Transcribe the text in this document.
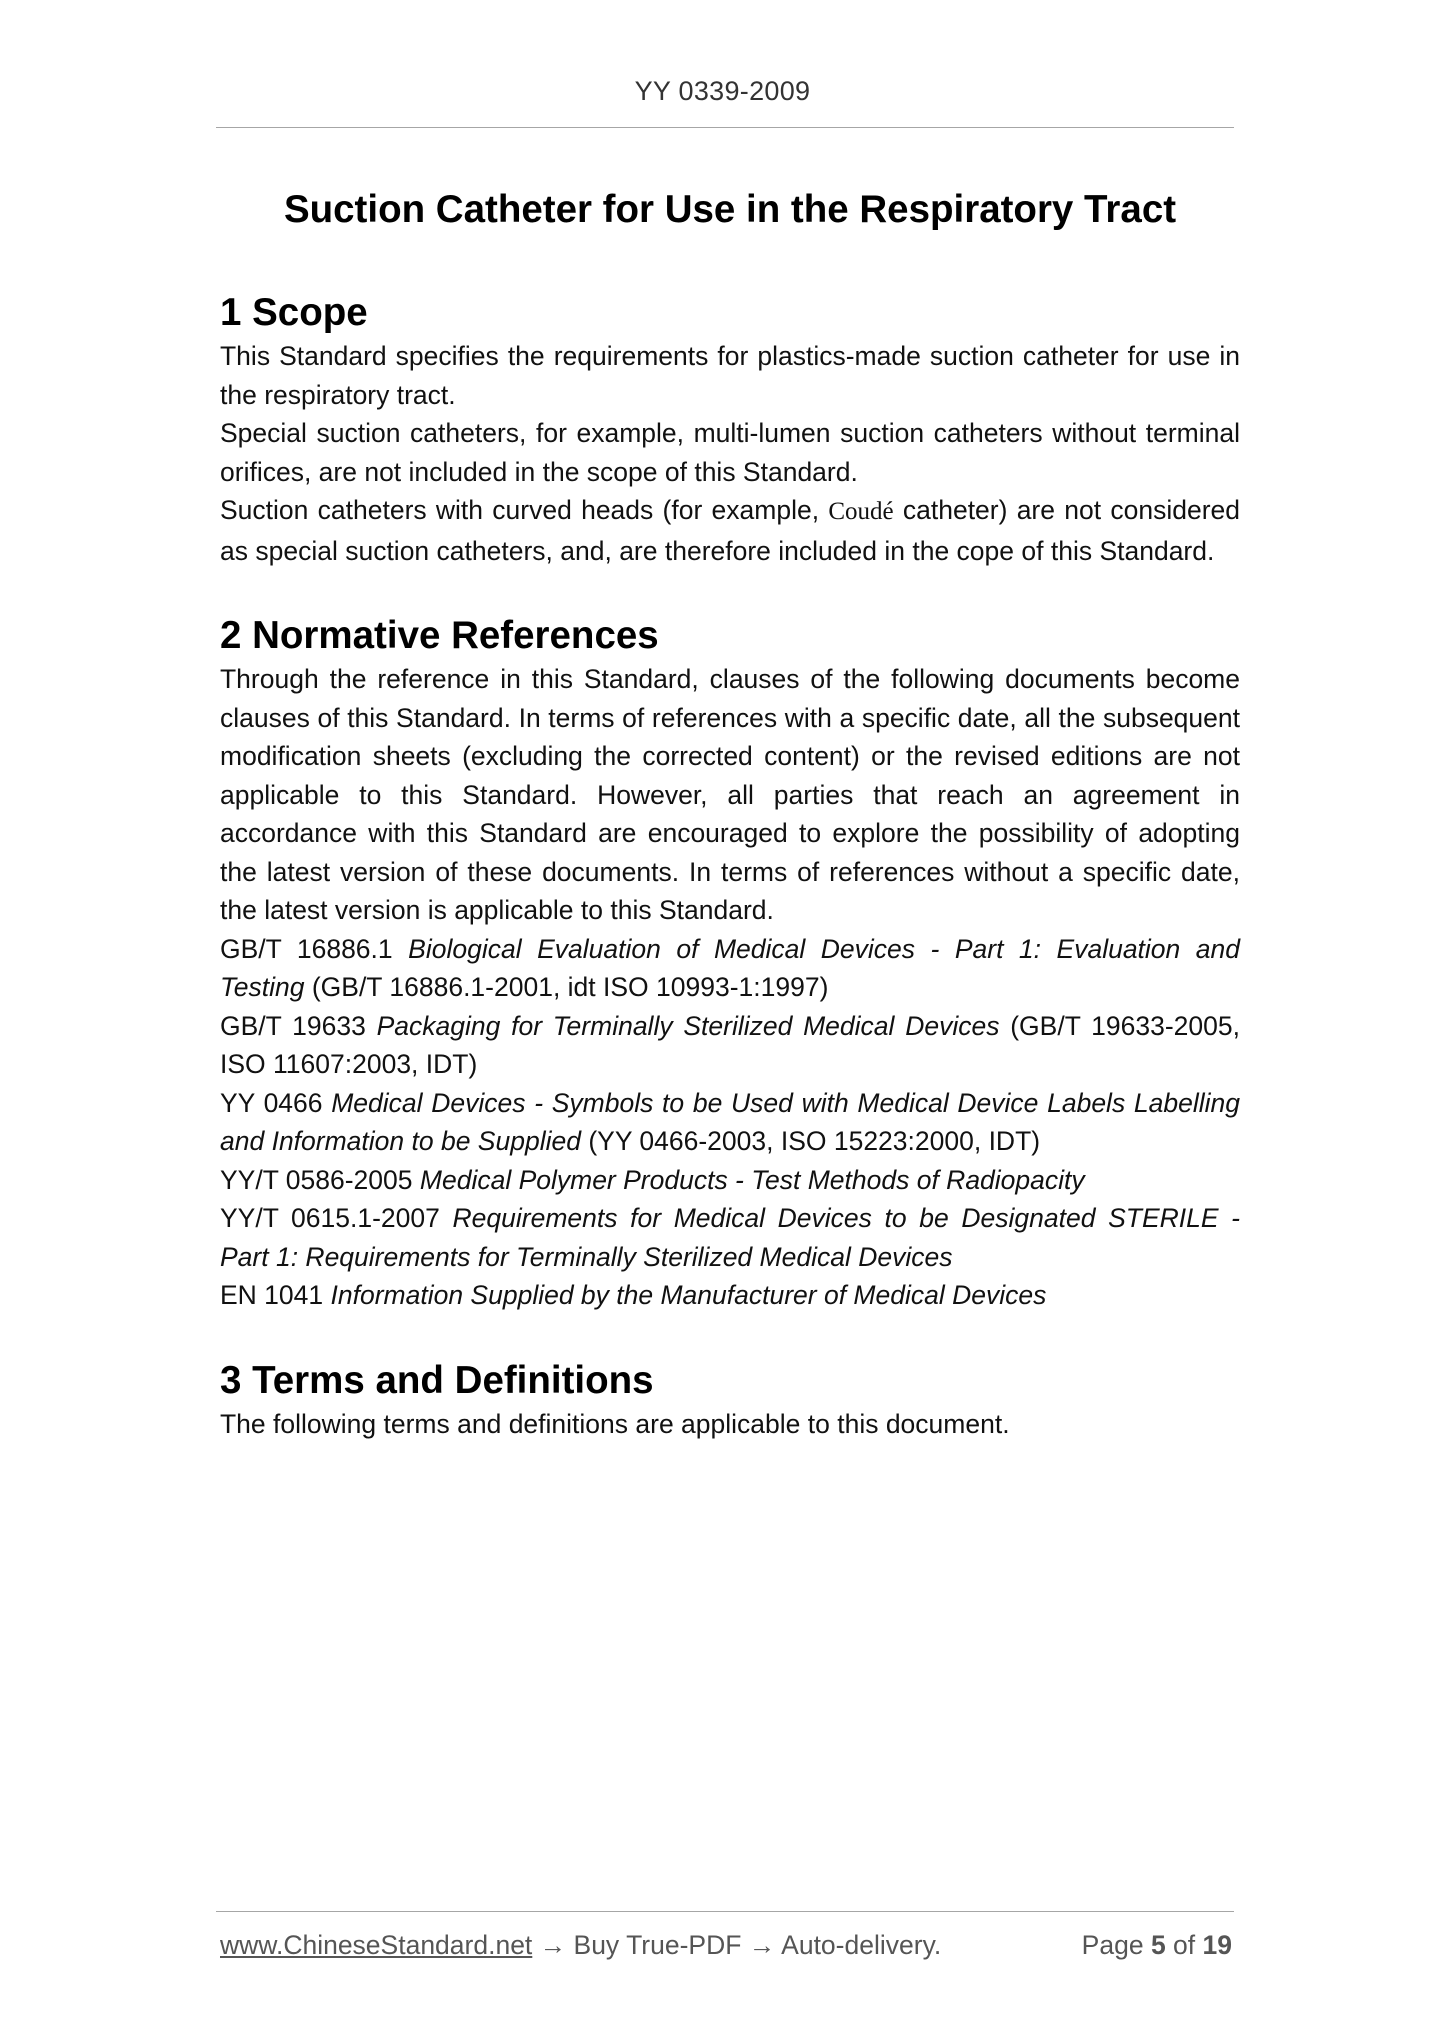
YY 0339-2009
Suction Catheter for Use in the Respiratory Tract
1 Scope

This Standard specifies the requirements for plastics-made suction catheter for use in the respiratory tract.

Special suction catheters, for example, multi-lumen suction catheters without terminal orifices, are not included in the scope of this Standard.

Suction catheters with curved heads (for example, Coudé catheter) are not considered as special suction catheters, and, are therefore included in the cope of this Standard.

2 Normative References

Through the reference in this Standard, clauses of the following documents become clauses of this Standard. In terms of references with a specific date, all the subsequent modification sheets (excluding the corrected content) or the revised editions are not applicable to this Standard. However, all parties that reach an agreement in accordance with this Standard are encouraged to explore the possibility of adopting the latest version of these documents. In terms of references without a specific date, the latest version is applicable to this Standard.

GB/T 16886.1 Biological Evaluation of Medical Devices - Part 1: Evaluation and Testing (GB/T 16886.1-2001, idt ISO 10993-1:1997)

GB/T 19633 Packaging for Terminally Sterilized Medical Devices (GB/T 19633-2005, ISO 11607:2003, IDT)

YY 0466 Medical Devices - Symbols to be Used with Medical Device Labels Labelling and Information to be Supplied (YY 0466-2003, ISO 15223:2000, IDT)

YY/T 0586-2005 Medical Polymer Products - Test Methods of Radiopacity

YY/T 0615.1-2007 Requirements for Medical Devices to be Designated STERILE - Part 1: Requirements for Terminally Sterilized Medical Devices

EN 1041 Information Supplied by the Manufacturer of Medical Devices

3 Terms and Definitions

The following terms and definitions are applicable to this document.

www.ChineseStandard.net → Buy True-PDF → Auto-delivery.	Page 5 of 19
